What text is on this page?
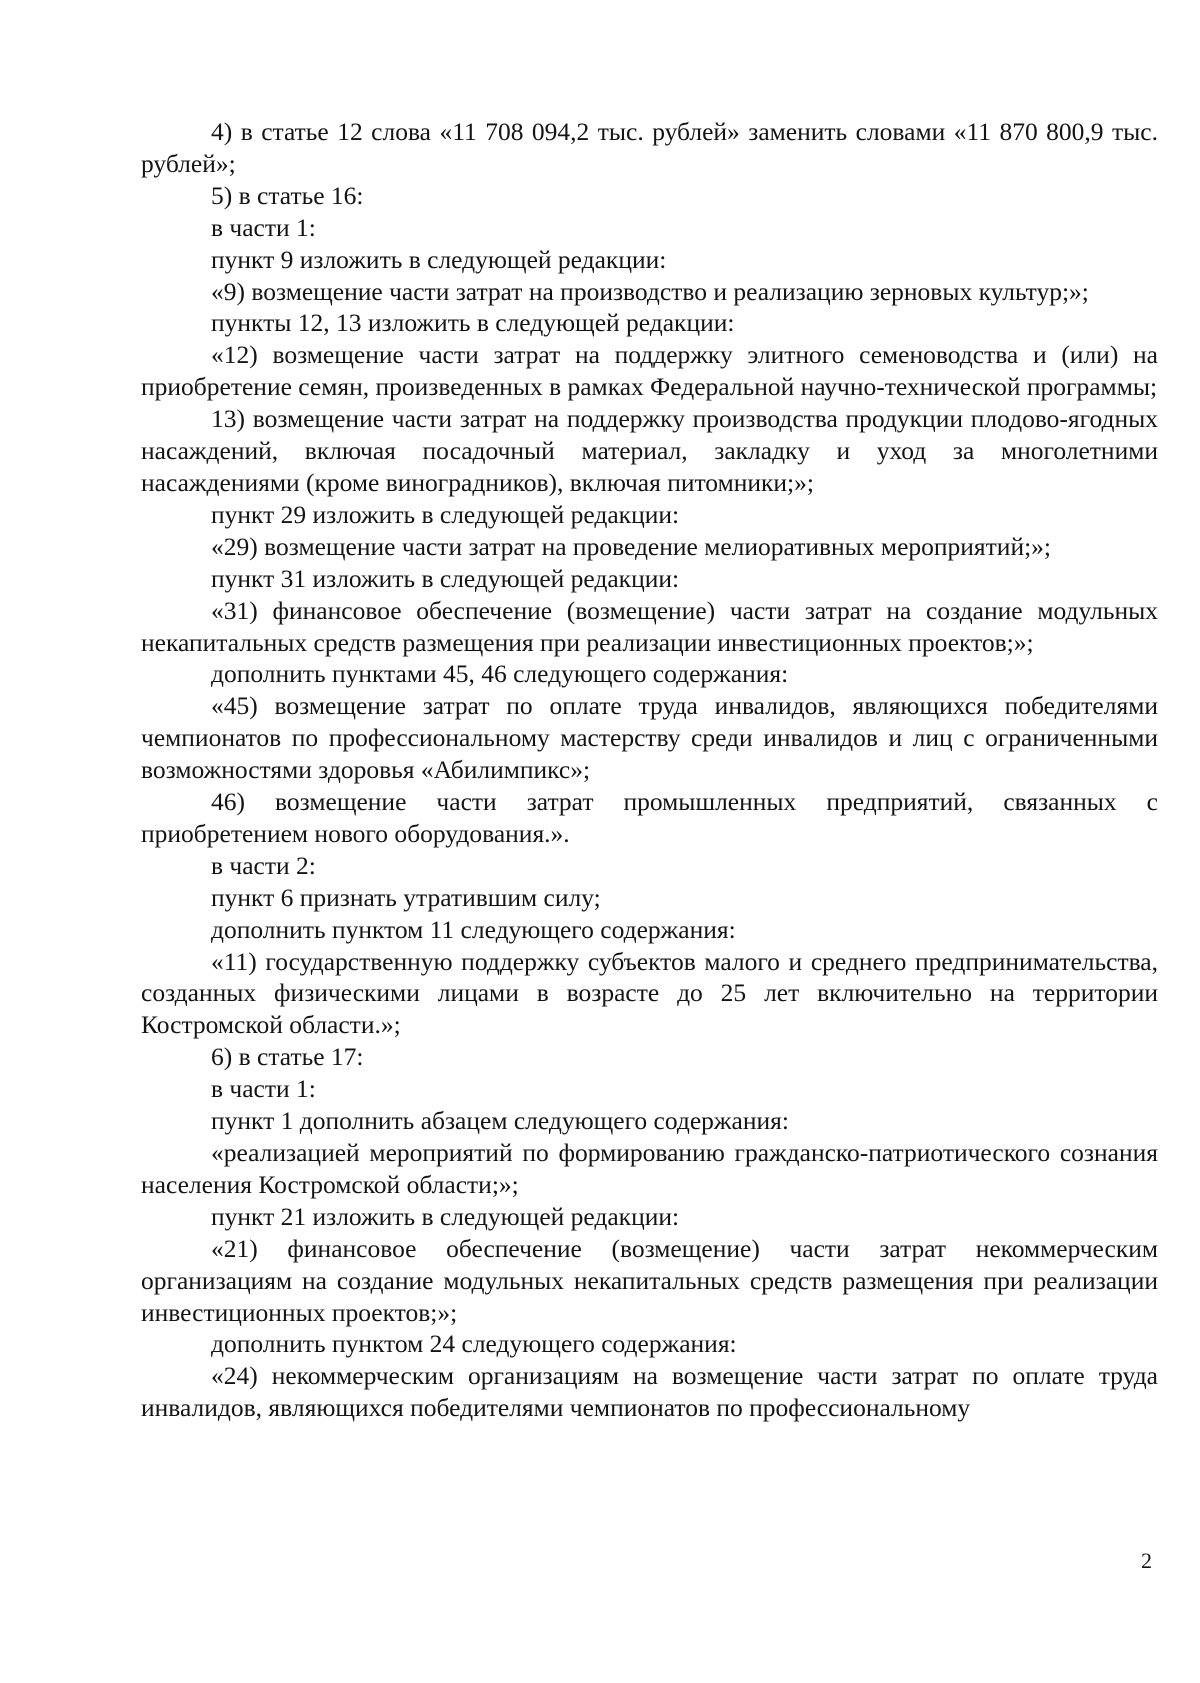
4) в статье 12 слова «11 708 094,2 тыс. рублей» заменить словами «11 870 800,9 тыс. рублей»;

5) в статье 16:

в части 1:

пункт 9 изложить в следующей редакции:

«9) возмещение части затрат на производство и реализацию зерновых культур;»;

пункты 12, 13 изложить в следующей редакции:

«12) возмещение части затрат на поддержку элитного семеноводства и (или) на приобретение семян, произведенных в рамках Федеральной научно-технической программы;

13) возмещение части затрат на поддержку производства продукции плодово-ягодных насаждений, включая посадочный материал, закладку и уход за многолетними насаждениями (кроме виноградников), включая питомники;»;

пункт 29 изложить в следующей редакции:

«29) возмещение части затрат на проведение мелиоративных мероприятий;»;

пункт 31 изложить в следующей редакции:

«31) финансовое обеспечение (возмещение) части затрат на создание модульных некапитальных средств размещения при реализации инвестиционных проектов;»;

дополнить пунктами 45, 46 следующего содержания:

«45) возмещение затрат по оплате труда инвалидов, являющихся победителями чемпионатов по профессиональному мастерству среди инвалидов и лиц с ограниченными возможностями здоровья «Абилимпикс»;

46) возмещение части затрат промышленных предприятий, связанных с приобретением нового оборудования.».

в части 2:

пункт 6 признать утратившим силу;

дополнить пунктом 11 следующего содержания:

«11) государственную поддержку субъектов малого и среднего предпринимательства, созданных физическими лицами в возрасте до 25 лет включительно на территории Костромской области.»;

6) в статье 17:

в части 1:

пункт 1 дополнить абзацем следующего содержания:

«реализацией мероприятий по формированию гражданско-патриотического сознания населения Костромской области;»;

пункт 21 изложить в следующей редакции:

«21) финансовое обеспечение (возмещение) части затрат некоммерческим организациям на создание модульных некапитальных средств размещения при реализации инвестиционных проектов;»;

дополнить пунктом 24 следующего содержания:

«24) некоммерческим организациям на возмещение части затрат по оплате труда инвалидов, являющихся победителями чемпионатов по профессиональному

2
